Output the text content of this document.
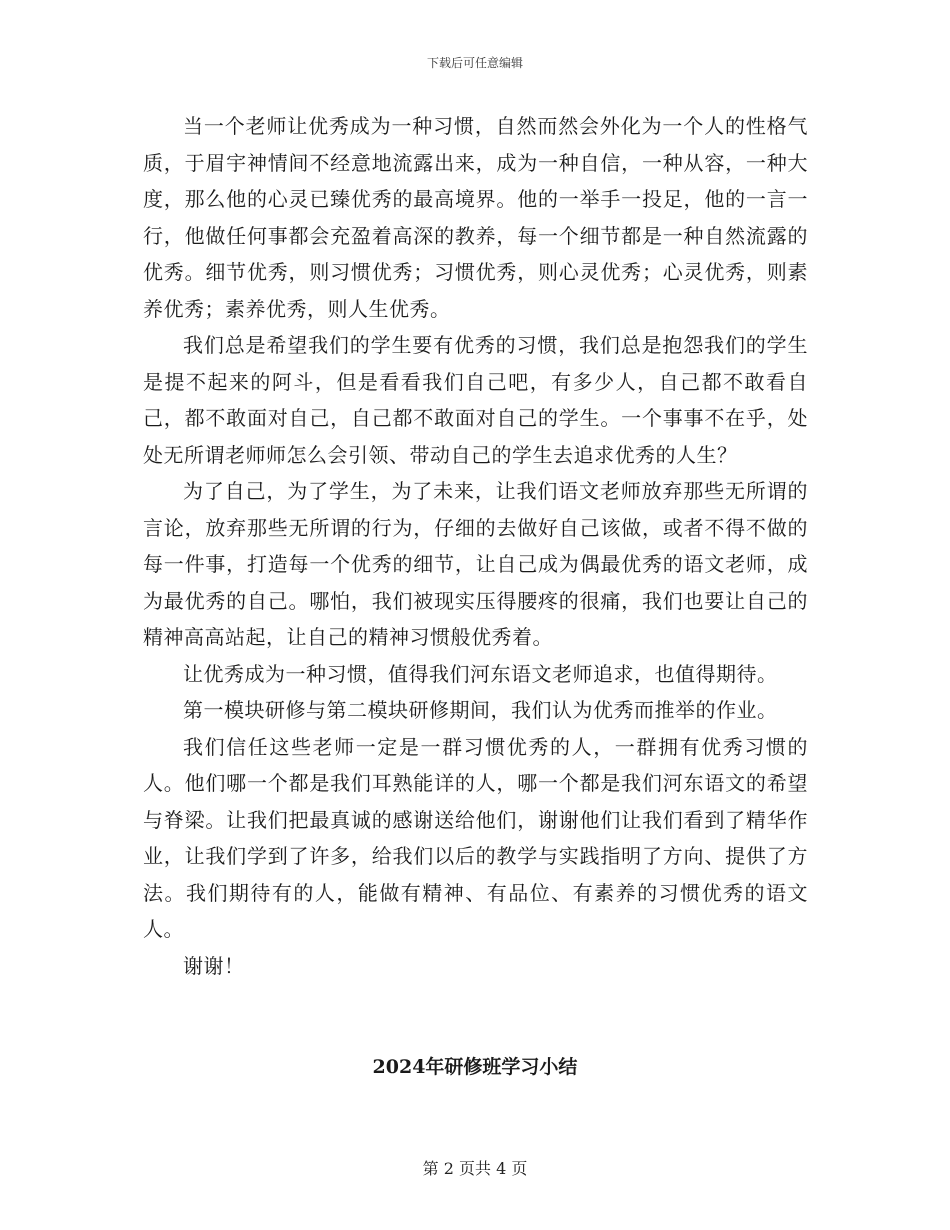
下载后可任意编辑

当一个老师让优秀成为一种习惯，自然而然会外化为一个人的性格气质，于眉宇神情间不经意地流露出来，成为一种自信，一种从容，一种大度，那么他的心灵已臻优秀的最高境界。他的一举手一投足，他的一言一行，他做任何事都会充盈着高深的教养，每一个细节都是一种自然流露的优秀。细节优秀，则习惯优秀；习惯优秀，则心灵优秀；心灵优秀，则素养优秀；素养优秀，则人生优秀。

我们总是希望我们的学生要有优秀的习惯，我们总是抱怨我们的学生是提不起来的阿斗，但是看看我们自己吧，有多少人，自己都不敢看自己，都不敢面对自己，自己都不敢面对自己的学生。一个事事不在乎，处处无所谓老师师怎么会引领、带动自己的学生去追求优秀的人生？

为了自己，为了学生，为了未来，让我们语文老师放弃那些无所谓的言论，放弃那些无所谓的行为，仔细的去做好自己该做，或者不得不做的每一件事，打造每一个优秀的细节，让自己成为偶最优秀的语文老师，成为最优秀的自己。哪怕，我们被现实压得腰疼的很痛，我们也要让自己的精神高高站起，让自己的精神习惯般优秀着。

让优秀成为一种习惯，值得我们河东语文老师追求，也值得期待。

第一模块研修与第二模块研修期间，我们认为优秀而推举的作业。

我们信任这些老师一定是一群习惯优秀的人，一群拥有优秀习惯的人。他们哪一个都是我们耳熟能详的人，哪一个都是我们河东语文的希望与脊梁。让我们把最真诚的感谢送给他们，谢谢他们让我们看到了精华作业，让我们学到了许多，给我们以后的教学与实践指明了方向、提供了方法。我们期待有的人，能做有精神、有品位、有素养的习惯优秀的语文人。

谢谢！

2024年研修班学习小结
第 2 页共 4 页
